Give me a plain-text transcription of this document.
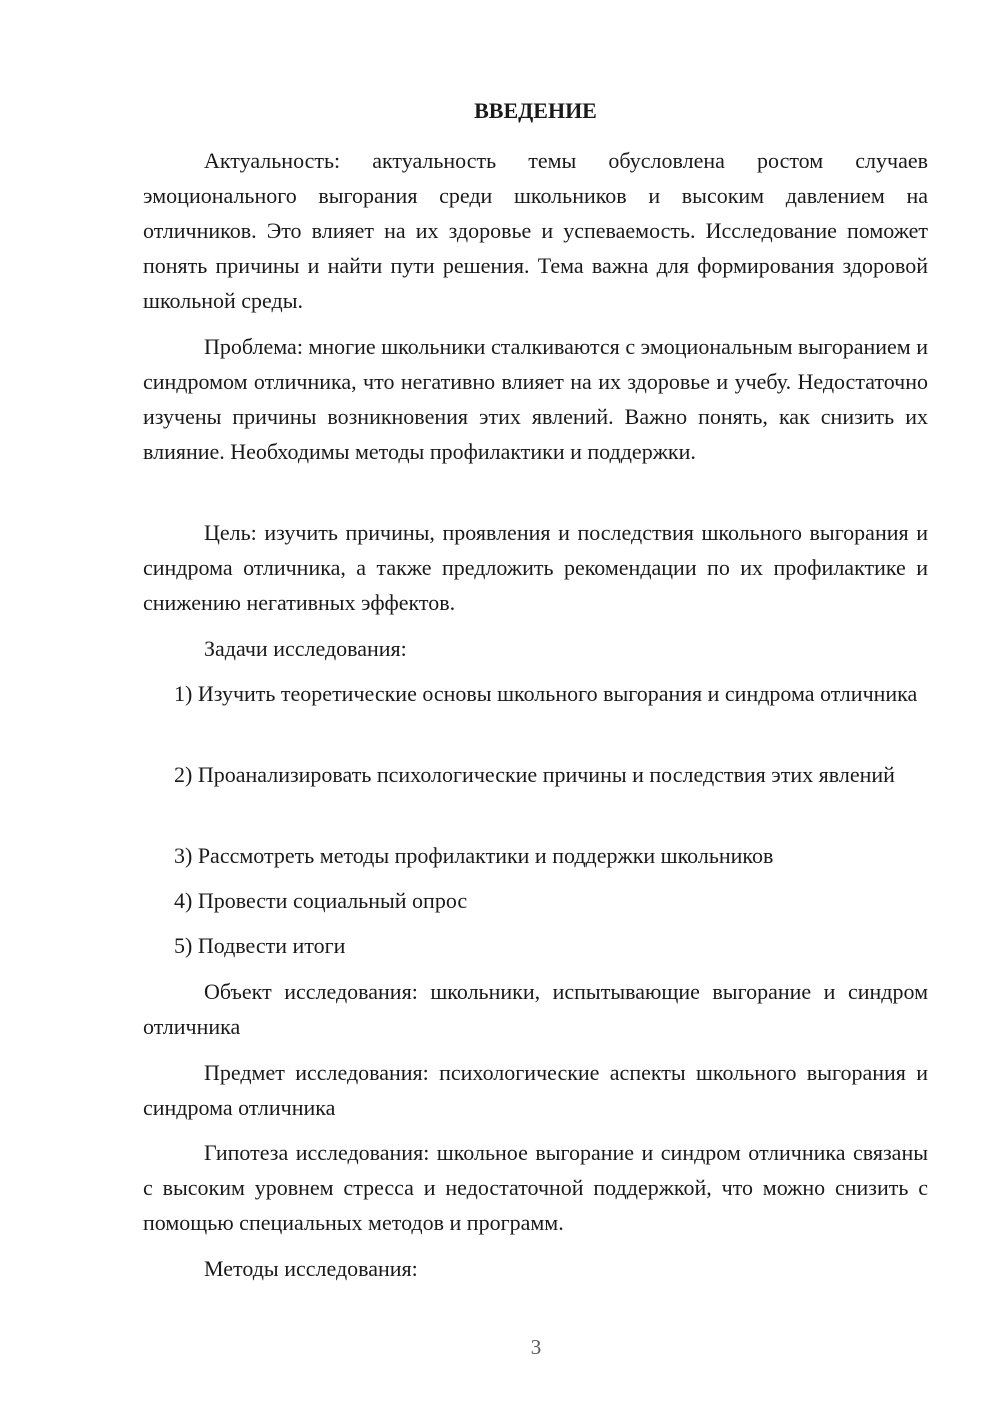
ВВЕДЕНИЕ

Актуальность: актуальность темы обусловлена ростом случаев эмоционального выгорания среди школьников и высоким давлением на отличников. Это влияет на их здоровье и успеваемость. Исследование поможет понять причины и найти пути решения. Тема важна для формирования здоровой школьной среды.

Проблема: многие школьники сталкиваются с эмоциональным выгоранием и синдромом отличника, что негативно влияет на их здоровье и учебу. Недостаточно изучены причины возникновения этих явлений. Важно понять, как снизить их влияние. Необходимы методы профилактики и поддержки.

Цель: изучить причины, проявления и последствия школьного выгорания и синдрома отличника, а также предложить рекомендации по их профилактике и снижению негативных эффектов.

Задачи исследования:

1) Изучить теоретические основы школьного выгорания и синдрома отличника

2) Проанализировать психологические причины и последствия этих явлений

3) Рассмотреть методы профилактики и поддержки школьников

4) Провести социальный опрос

5) Подвести итоги

Объект исследования: школьники, испытывающие выгорание и синдром отличника

Предмет исследования: психологические аспекты школьного выгорания и синдрома отличника

Гипотеза исследования: школьное выгорание и синдром отличника связаны с высоким уровнем стресса и недостаточной поддержкой, что можно снизить с помощью специальных методов и программ.

Методы исследования:

3
